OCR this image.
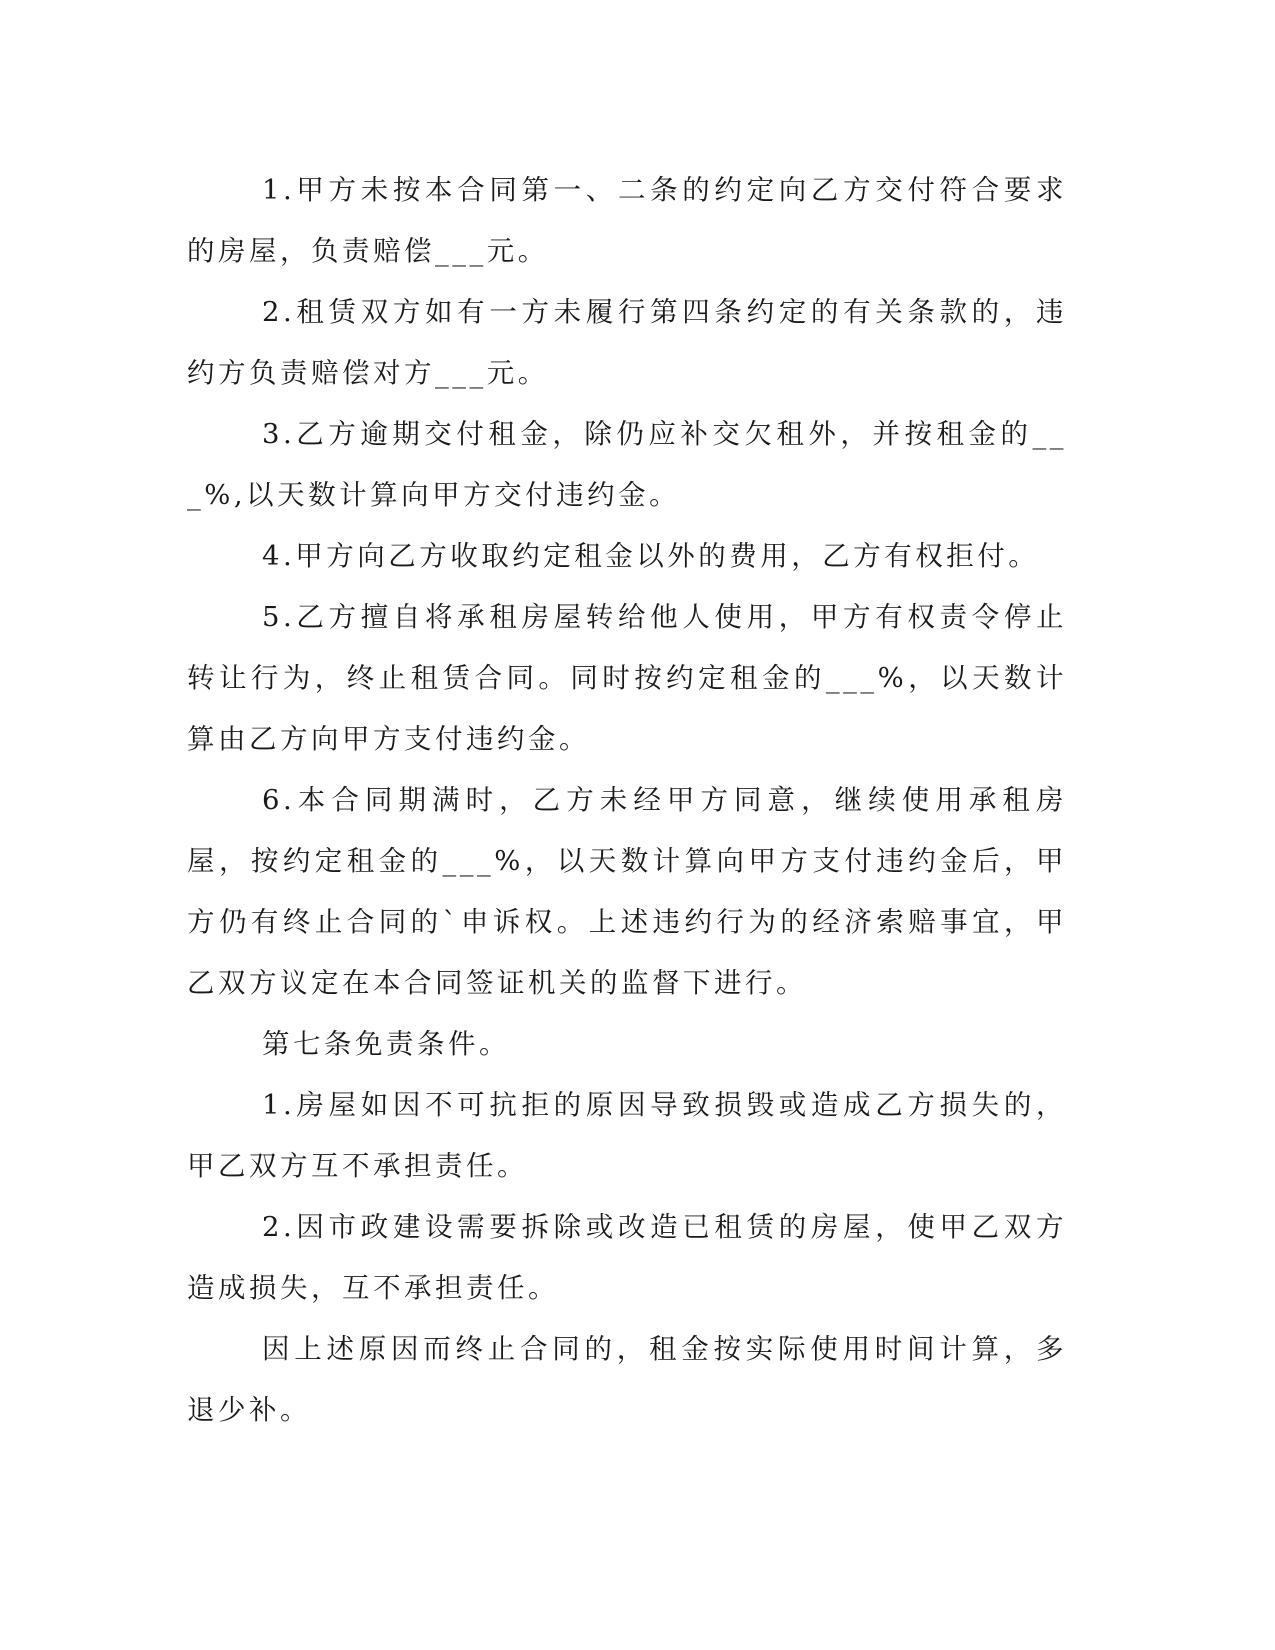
1.甲方未按本合同第一、二条的约定向乙方交付符合要求的房屋，负责赔偿___元。

2.租赁双方如有一方未履行第四条约定的有关条款的，违约方负责赔偿对方___元。

3.乙方逾期交付租金，除仍应补交欠租外，并按租金的___%,以天数计算向甲方交付违约金。

4.甲方向乙方收取约定租金以外的费用，乙方有权拒付。

5.乙方擅自将承租房屋转给他人使用，甲方有权责令停止转让行为，终止租赁合同。同时按约定租金的___%，以天数计算由乙方向甲方支付违约金。

6.本合同期满时，乙方未经甲方同意，继续使用承租房屋，按约定租金的___%，以天数计算向甲方支付违约金后，甲方仍有终止合同的`申诉权。上述违约行为的经济索赔事宜，甲乙双方议定在本合同签证机关的监督下进行。

第七条免责条件。

1.房屋如因不可抗拒的原因导致损毁或造成乙方损失的，甲乙双方互不承担责任。

2.因市政建设需要拆除或改造已租赁的房屋，使甲乙双方造成损失，互不承担责任。

因上述原因而终止合同的，租金按实际使用时间计算，多退少补。
